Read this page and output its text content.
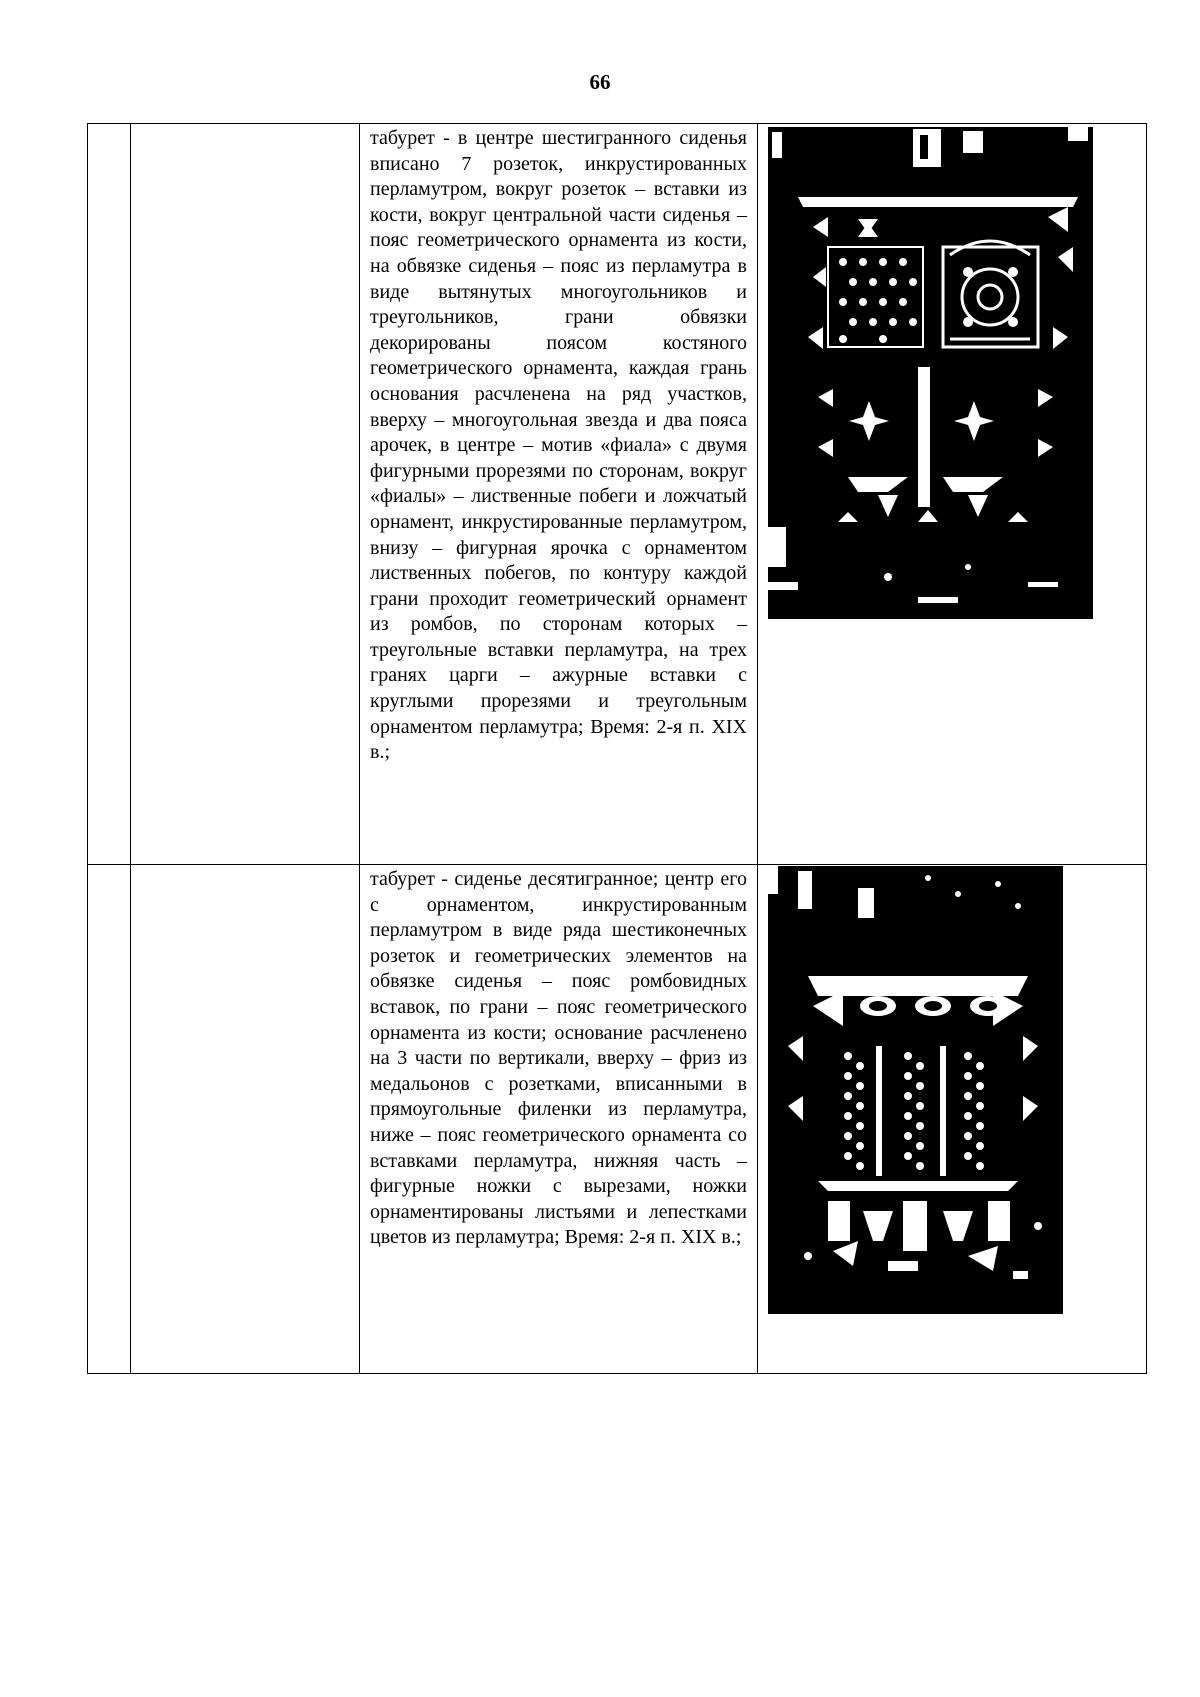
66

		табурет - в центре шестигранного сиденья вписано 7 розеток, инкрустированных перламутром, вокруг розеток – вставки из кости, вокруг центральной части сиденья – пояс геометрического орнамента из кости, на обвязке сиденья – пояс из перламутра в виде вытянутых многоугольников и треугольников, грани обвязки декорированы поясом костяного геометрического орнамента, каждая грань основания расчленена на ряд участков, вверху – многоугольная звезда и два пояса арочек, в центре – мотив «фиала» с двумя фигурными прорезями по сторонам, вокруг «фиалы» – лиственные побеги и ложчатый орнамент, инкрустированные перламутром, внизу – фигурная ярочка с орнаментом лиственных побегов, по контуру каждой грани проходит геометрический орнамент из ромбов, по сторонам которых – треугольные вставки перламутра, на трех гранях царги – ажурные вставки с круглыми прорезями и треугольным орнаментом перламутра; Время: 2-я п. XIX в.;

		табурет - сиденье десятигранное; центр его с орнаментом, инкрустированным перламутром в виде ряда шестиконечных розеток и геометрических элементов на обвязке сиденья – пояс ромбовидных вставок, по грани – пояс геометрического орнамента из кости; основание расчленено на 3 части по вертикали, вверху – фриз из медальонов с розетками, вписанными в прямоугольные филенки из перламутра, ниже – пояс геометрического орнамента со вставками перламутра, нижняя часть – фигурные ножки с вырезами, ножки орнаментированы листьями и лепестками цветов из перламутра; Время: 2-я п. XIX в.;
